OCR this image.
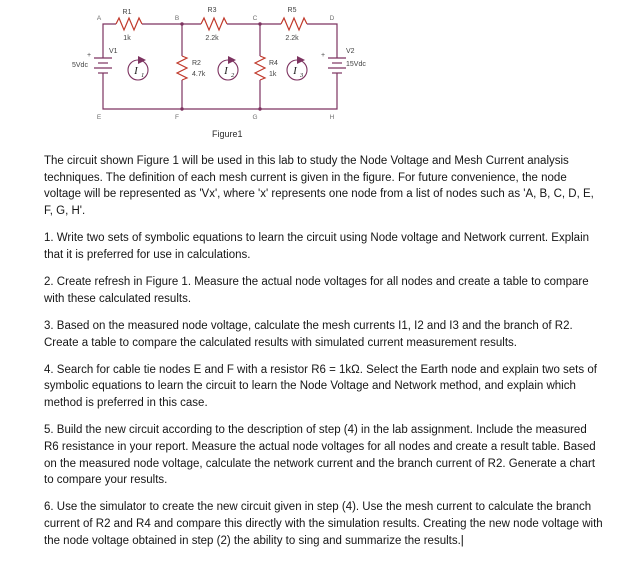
I 1	I 2	I 3
R1
1k
R3
2.2k
R5
2.2k
R2
4.7k
R4
1k
V1
5Vdc
V2
15Vdc
+	+
A	B	C	D
E	F	G	H
Figure1

The circuit shown Figure 1 will be used in this lab to study the Node Voltage and Mesh Current analysis techniques. The definition of each mesh current is given in the figure. For future convenience, the node voltage will be represented as 'Vx', where 'x' represents one node from a list of nodes such as 'A, B, C, D, E, F, G, H'.

1. Write two sets of symbolic equations to learn the circuit using Node voltage and Network current. Explain that it is preferred for use in calculations.

2. Create refresh in Figure 1. Measure the actual node voltages for all nodes and create a table to compare with these calculated results.

3. Based on the measured node voltage, calculate the mesh currents I1, I2 and I3 and the branch of R2. Create a table to compare the calculated results with simulated current measurement results.

4. Search for cable tie nodes E and F with a resistor R6 = 1kΩ. Select the Earth node and explain two sets of symbolic equations to learn the circuit to learn the Node Voltage and Network method, and explain which method is preferred in this case.

5. Build the new circuit according to the description of step (4) in the lab assignment. Include the measured R6 resistance in your report. Measure the actual node voltages for all nodes and create a result table. Based on the measured node voltage, calculate the network current and the branch current of R2. Generate a chart to compare your results.

6. Use the simulator to create the new circuit given in step (4). Use the mesh current to calculate the branch current of R2 and R4 and compare this directly with the simulation results. Creating the new node voltage with the node voltage obtained in step (2) the ability to sing and summarize the results.|
